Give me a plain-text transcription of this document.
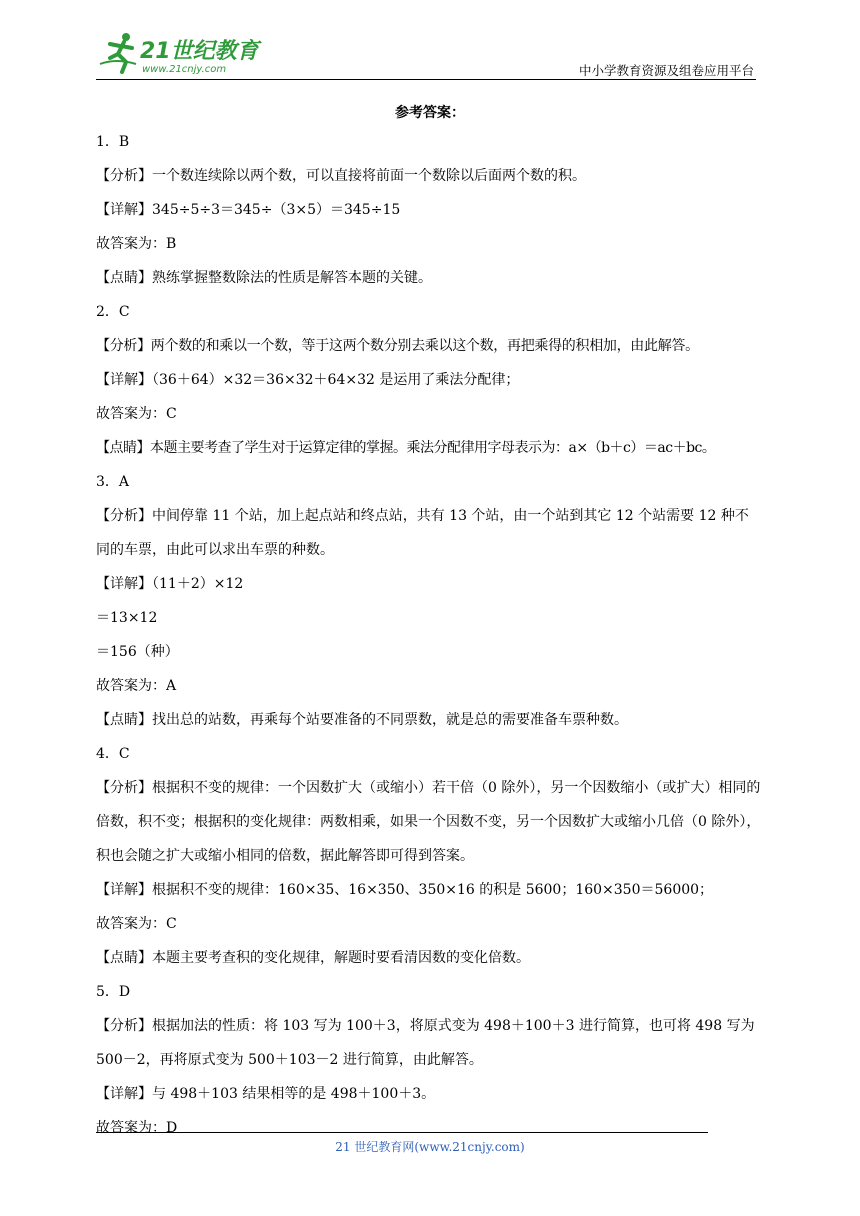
21世纪教育
www.21cnjy.com	中小学教育资源及组卷应用平台
参考答案：
1．B
【分析】一个数连续除以两个数，可以直接将前面一个数除以后面两个数的积。
【详解】345÷5÷3＝345÷（3×5）＝345÷15
故答案为：B
【点睛】熟练掌握整数除法的性质是解答本题的关键。
2．C
【分析】两个数的和乘以一个数，等于这两个数分别去乘以这个数，再把乘得的积相加，由此解答。
【详解】（36＋64）×32＝36×32＋64×32 是运用了乘法分配律；
故答案为：C
【点睛】本题主要考查了学生对于运算定律的掌握。乘法分配律用字母表示为：a×（b＋c）＝ac＋bc。
3．A
【分析】中间停靠 11 个站，加上起点站和终点站，共有 13 个站，由一个站到其它 12 个站需要 12 种不同的车票，由此可以求出车票的种数。
【详解】（11＋2）×12
＝13×12
＝156（种）
故答案为：A
【点睛】找出总的站数，再乘每个站要准备的不同票数，就是总的需要准备车票种数。
4．C
【分析】根据积不变的规律：一个因数扩大（或缩小）若干倍（0 除外），另一个因数缩小（或扩大）相同的倍数，积不变；根据积的变化规律：两数相乘，如果一个因数不变，另一个因数扩大或缩小几倍（0 除外），积也会随之扩大或缩小相同的倍数，据此解答即可得到答案。
【详解】根据积不变的规律：160×35、16×350、350×16 的积是 5600；160×350＝56000；
故答案为：C
【点睛】本题主要考查积的变化规律，解题时要看清因数的变化倍数。
5．D
【分析】根据加法的性质：将 103 写为 100＋3，将原式变为 498＋100＋3 进行简算，也可将 498 写为 500－2，再将原式变为 500＋103－2 进行简算，由此解答。
【详解】与 498＋103 结果相等的是 498＋100＋3。
故答案为：D
21 世纪教育网(www.21cnjy.com)
